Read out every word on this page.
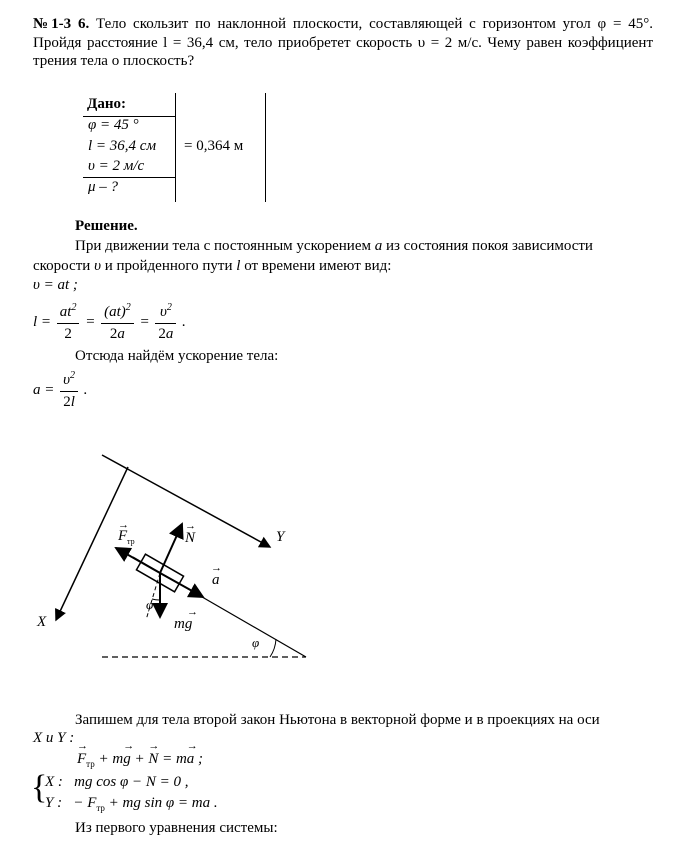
№1-3 6. Тело скользит по наклонной плоскости, составляющей с горизонтом угол φ = 45°. Пройдя расстояние l = 36,4 см, тело приобретет скорость υ = 2 м/с. Чему равен коэффициент трения тела о плоскость?
Дано:
φ = 45 °
l = 36,4 см = 0,364 м
υ = 2 м/с
μ – ?
Решение.
При движении тела с постоянным ускорением a из состояния покоя зависимости
скорости υ и пройденного пути l от времени имеют вид:
υ = at ;
$l = \frac{at^2}{2} = \frac{(at)^2}{2a} = \frac{\upsilon^2}{2a}$ .
Отсюда найдём ускорение тела:
$a = \frac{\upsilon^2}{2l}$ .
N
→
F тр
→
a
→
mg
→
φ
φ
Y
X
Запишем для тела второй закон Ньютона в векторной форме и в проекциях на оси
X и Y :
→ $F_{тр} + m\to g$ + → N = m→ a ;
{
X :   mg cos φ − N = 0 ,
Y :   − $F_{тр}$ + mg sin φ = ma .
Из первого уравнения системы:
